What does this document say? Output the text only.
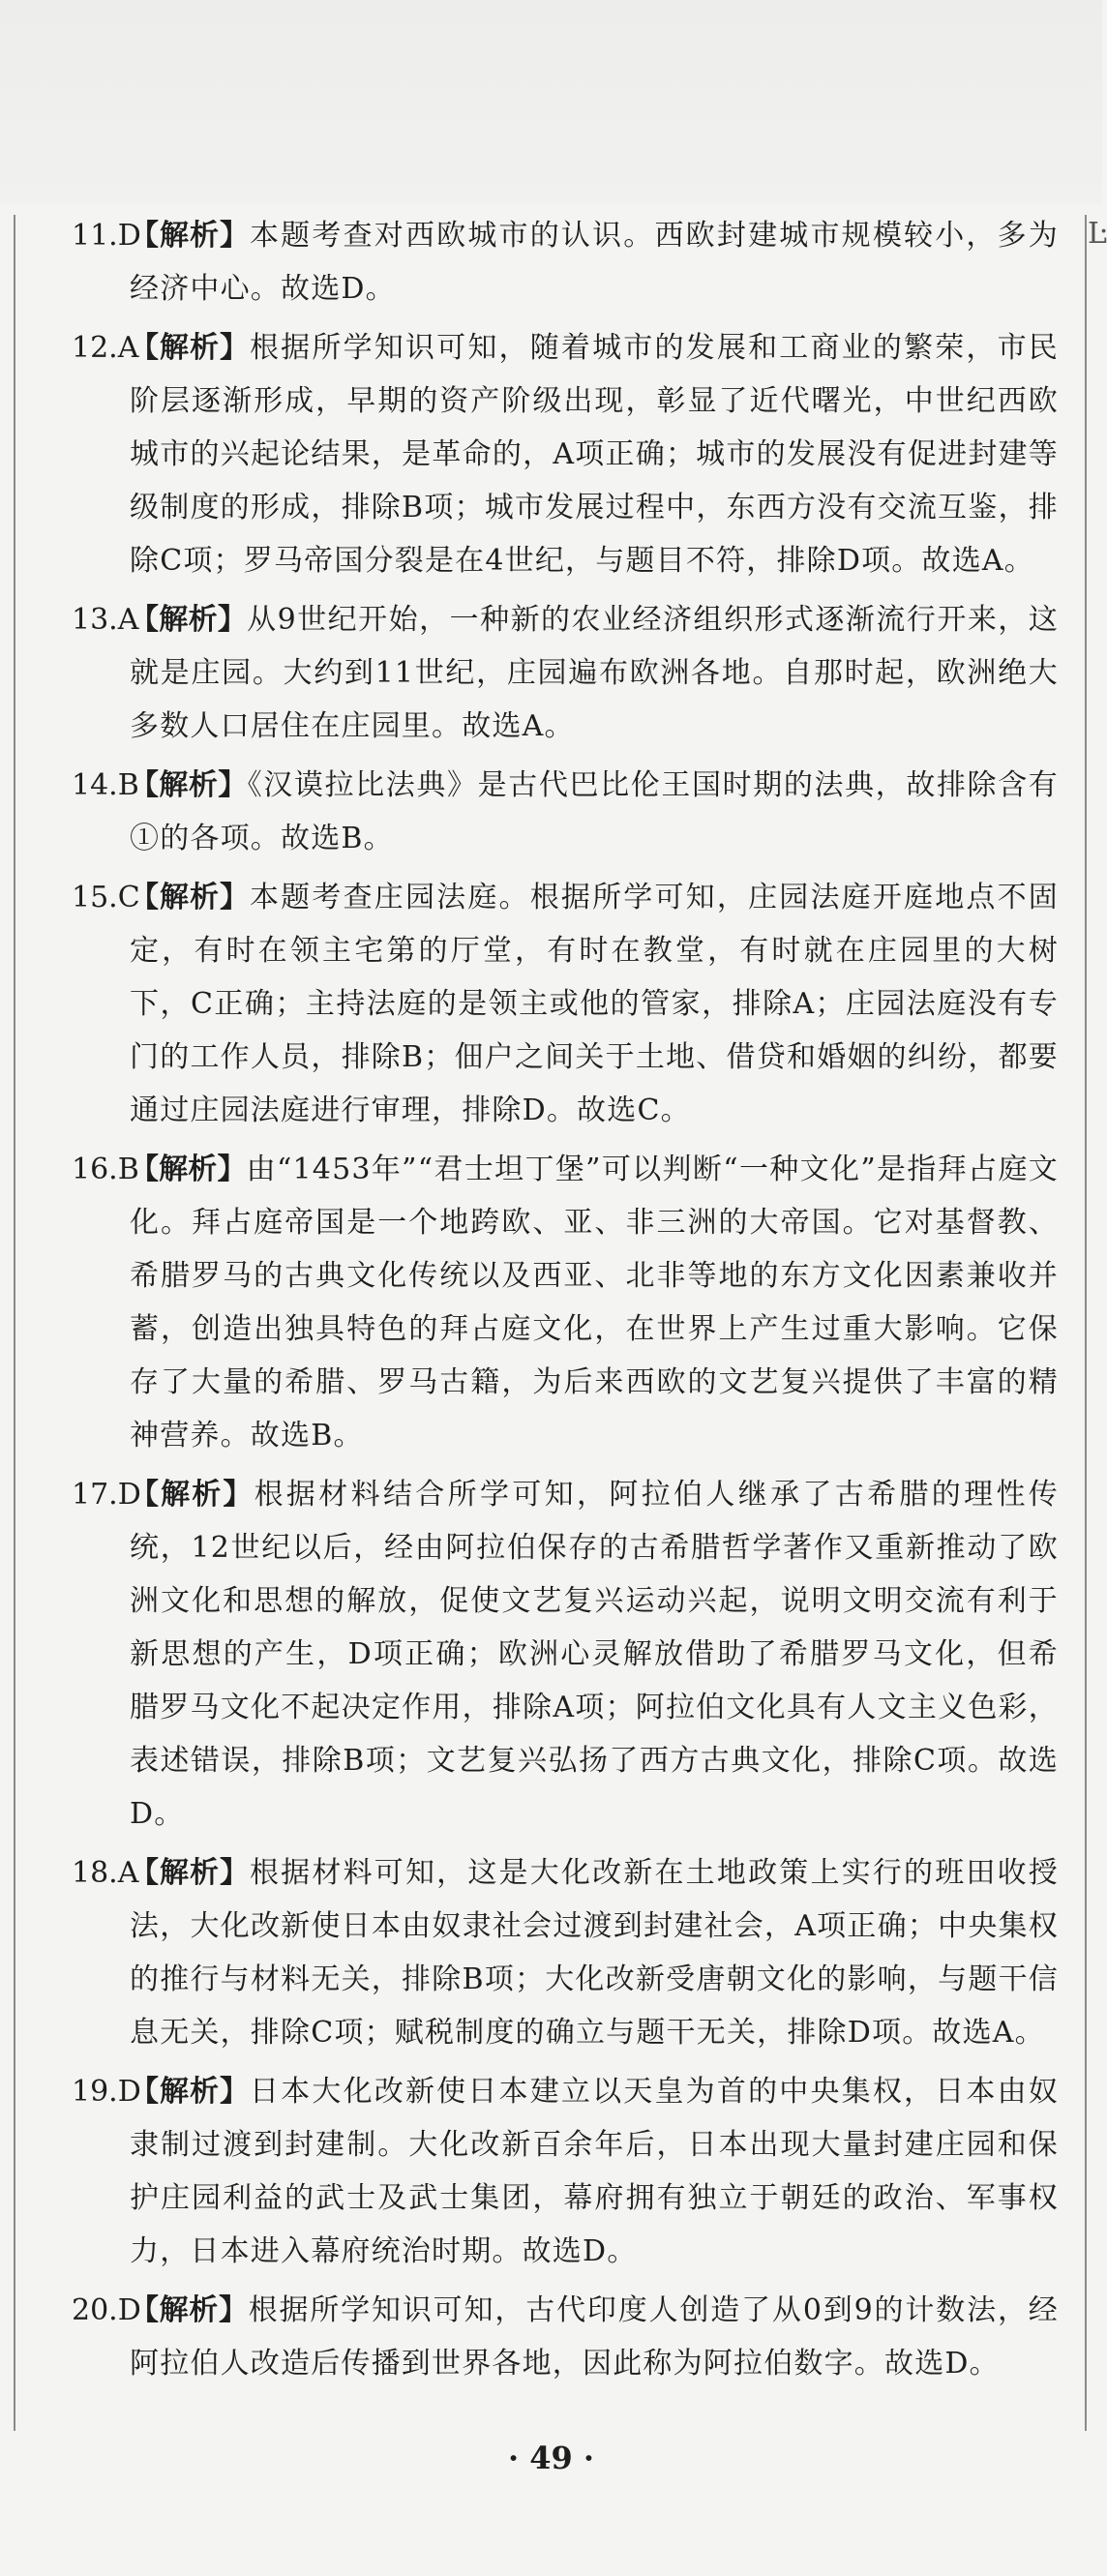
Ŀ
11.D

【解析】本题考查对西欧城市的认识。西欧封建城市规模较小，多为经济中心。故选D。

12.A

【解析】根据所学知识可知，随着城市的发展和工商业的繁荣，市民阶层逐渐形成，早期的资产阶级出现，彰显了近代曙光，中世纪西欧城市的兴起论结果，是革命的，A项正确；城市的发展没有促进封建等级制度的形成，排除B项；城市发展过程中，东西方没有交流互鉴，排除C项；罗马帝国分裂是在4世纪，与题目不符，排除D项。故选A。

13.A

【解析】从9世纪开始，一种新的农业经济组织形式逐渐流行开来，这就是庄园。大约到11世纪，庄园遍布欧洲各地。自那时起，欧洲绝大多数人口居住在庄园里。故选A。

14.B

【解析】《汉谟拉比法典》是古代巴比伦王国时期的法典，故排除含有①的各项。故选B。

15.C

【解析】本题考查庄园法庭。根据所学可知，庄园法庭开庭地点不固定，有时在领主宅第的厅堂，有时在教堂，有时就在庄园里的大树下，C正确；主持法庭的是领主或他的管家，排除A；庄园法庭没有专门的工作人员，排除B；佃户之间关于土地、借贷和婚姻的纠纷，都要通过庄园法庭进行审理，排除D。故选C。

16.B

【解析】由“1453年”“君士坦丁堡”可以判断“一种文化”是指拜占庭文化。拜占庭帝国是一个地跨欧、亚、非三洲的大帝国。它对基督教、希腊罗马的古典文化传统以及西亚、北非等地的东方文化因素兼收并蓄，创造出独具特色的拜占庭文化，在世界上产生过重大影响。它保存了大量的希腊、罗马古籍，为后来西欧的文艺复兴提供了丰富的精神营养。故选B。

17.D

【解析】根据材料结合所学可知，阿拉伯人继承了古希腊的理性传统，12世纪以后，经由阿拉伯保存的古希腊哲学著作又重新推动了欧洲文化和思想的解放，促使文艺复兴运动兴起，说明文明交流有利于新思想的产生，D项正确；欧洲心灵解放借助了希腊罗马文化，但希腊罗马文化不起决定作用，排除A项；阿拉伯文化具有人文主义色彩，表述错误，排除B项；文艺复兴弘扬了西方古典文化，排除C项。故选D。

18.A

【解析】根据材料可知，这是大化改新在土地政策上实行的班田收授法，大化改新使日本由奴隶社会过渡到封建社会，A项正确；中央集权的推行与材料无关，排除B项；大化改新受唐朝文化的影响，与题干信息无关，排除C项；赋税制度的确立与题干无关，排除D项。故选A。

19.D

【解析】日本大化改新使日本建立以天皇为首的中央集权，日本由奴隶制过渡到封建制。大化改新百余年后，日本出现大量封建庄园和保护庄园利益的武士及武士集团，幕府拥有独立于朝廷的政治、军事权力，日本进入幕府统治时期。故选D。

20.D

【解析】根据所学知识可知，古代印度人创造了从0到9的计数法，经阿拉伯人改造后传播到世界各地，因此称为阿拉伯数字。故选D。

· 49 ·
